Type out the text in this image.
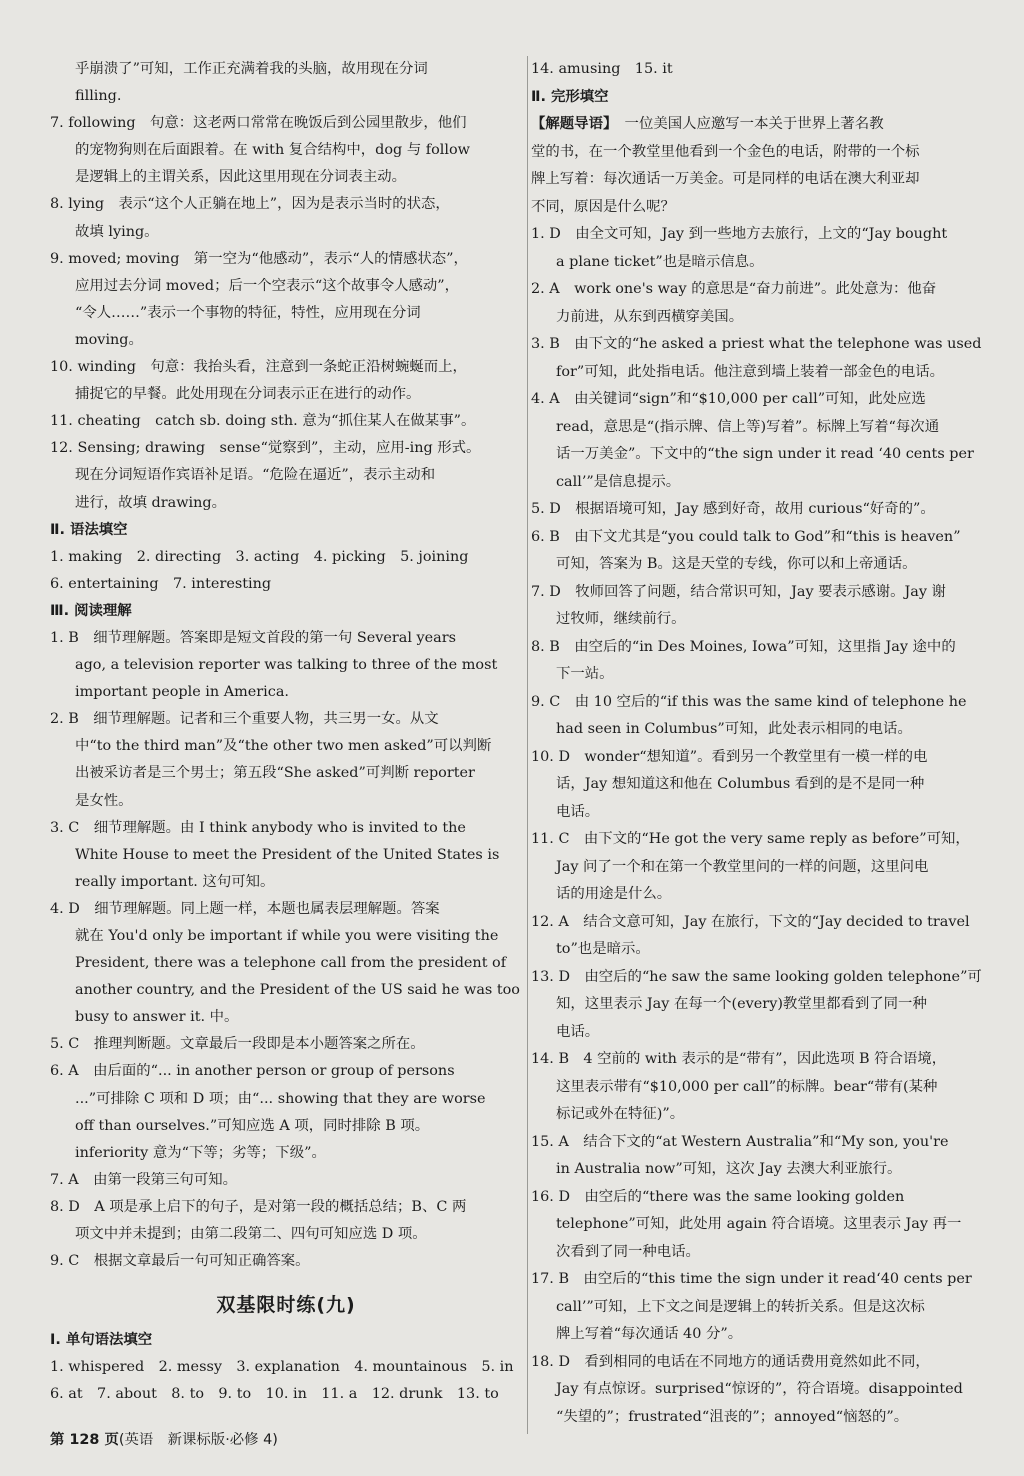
乎崩溃了”可知，工作正充满着我的头脑，故用现在分词
filling.
7. following　句意：这老两口常常在晚饭后到公园里散步，他们
的宠物狗则在后面跟着。在 with 复合结构中，dog 与 follow
是逻辑上的主谓关系，因此这里用现在分词表主动。
8. lying　表示“这个人正躺在地上”，因为是表示当时的状态，
故填 lying。
9. moved; moving　第一空为“他感动”，表示“人的情感状态”，
应用过去分词 moved；后一个空表示“这个故事令人感动”，
“令人……”表示一个事物的特征，特性，应用现在分词
moving。
10. winding　句意：我抬头看，注意到一条蛇正沿树蜿蜒而上，
捕捉它的早餐。此处用现在分词表示正在进行的动作。
11. cheating　catch sb. doing sth. 意为“抓住某人在做某事”。
12. Sensing; drawing　sense“觉察到”，主动，应用-ing 形式。
现在分词短语作宾语补足语。“危险在逼近”，表示主动和
进行，故填 drawing。
Ⅱ. 语法填空
1. making　2. directing　3. acting　4. picking　5. joining
6. entertaining　7. interesting
Ⅲ. 阅读理解
1. B　细节理解题。答案即是短文首段的第一句 Several years
ago, a television reporter was talking to three of the most
important people in America.
2. B　细节理解题。记者和三个重要人物，共三男一女。从文
中“to the third man”及“the other two men asked”可以判断
出被采访者是三个男士；第五段“She asked”可判断 reporter
是女性。
3. C　细节理解题。由 I think anybody who is invited to the
White House to meet the President of the United States is
really important. 这句可知。
4. D　细节理解题。同上题一样，本题也属表层理解题。答案
就在 You'd only be important if while you were visiting the
President, there was a telephone call from the president of
another country, and the President of the US said he was too
busy to answer it. 中。
5. C　推理判断题。文章最后一段即是本小题答案之所在。
6. A　由后面的“... in another person or group of persons
...”可排除 C 项和 D 项；由“... showing that they are worse
off than ourselves.”可知应选 A 项，同时排除 B 项。
inferiority 意为“下等；劣等；下级”。
7. A　由第一段第三句可知。
8. D　A 项是承上启下的句子，是对第一段的概括总结；B、C 两
项文中并未提到；由第二段第二、四句可知应选 D 项。
9. C　根据文章最后一句可知正确答案。
双基限时练(九)
Ⅰ. 单句语法填空
1. whispered　2. messy　3. explanation　4. mountainous　5. in
6. at　7. about　8. to　9. to　10. in　11. a　12. drunk　13. to
14. amusing　15. it
Ⅱ. 完形填空
【解题导语】　一位美国人应邀写一本关于世界上著名教
堂的书，在一个教堂里他看到一个金色的电话，附带的一个标
牌上写着：每次通话一万美金。可是同样的电话在澳大利亚却
不同，原因是什么呢？
1. D　由全文可知，Jay 到一些地方去旅行，上文的“Jay bought
a plane ticket”也是暗示信息。
2. A　work one's way 的意思是“奋力前进”。此处意为：他奋
力前进，从东到西横穿美国。
3. B　由下文的“he asked a priest what the telephone was used
for”可知，此处指电话。他注意到墙上装着一部金色的电话。
4. A　由关键词“sign”和“$10,000 per call”可知，此处应选
read，意思是“(指示牌、信上等)写着”。标牌上写着“每次通
话一万美金”。下文中的“the sign under it read ‘40 cents per
call’”是信息提示。
5. D　根据语境可知，Jay 感到好奇，故用 curious“好奇的”。
6. B　由下文尤其是“you could talk to God”和“this is heaven”
可知，答案为 B。这是天堂的专线，你可以和上帝通话。
7. D　牧师回答了问题，结合常识可知，Jay 要表示感谢。Jay 谢
过牧师，继续前行。
8. B　由空后的“in Des Moines, Iowa”可知，这里指 Jay 途中的
下一站。
9. C　由 10 空后的“if this was the same kind of telephone he
had seen in Columbus”可知，此处表示相同的电话。
10. D　wonder“想知道”。看到另一个教堂里有一模一样的电
话，Jay 想知道这和他在 Columbus 看到的是不是同一种
电话。
11. C　由下文的“He got the very same reply as before”可知，
Jay 问了一个和在第一个教堂里问的一样的问题，这里问电
话的用途是什么。
12. A　结合文意可知，Jay 在旅行，下文的“Jay decided to travel
to”也是暗示。
13. D　由空后的“he saw the same looking golden telephone”可
知，这里表示 Jay 在每一个(every)教堂里都看到了同一种
电话。
14. B　4 空前的 with 表示的是“带有”，因此选项 B 符合语境，
这里表示带有“$10,000 per call”的标牌。bear“带有(某种
标记或外在特征)”。
15. A　结合下文的“at Western Australia”和“My son, you're
in Australia now”可知，这次 Jay 去澳大利亚旅行。
16. D　由空后的“there was the same looking golden
telephone”可知，此处用 again 符合语境。这里表示 Jay 再一
次看到了同一种电话。
17. B　由空后的“this time the sign under it read‘40 cents per
call’”可知，上下文之间是逻辑上的转折关系。但是这次标
牌上写着“每次通话 40 分”。
18. D　看到相同的电话在不同地方的通话费用竟然如此不同，
Jay 有点惊讶。surprised“惊讶的”，符合语境。disappointed
“失望的”；frustrated“沮丧的”；annoyed“恼怒的”。
第 128 页(英语　新课标版·必修 4)
